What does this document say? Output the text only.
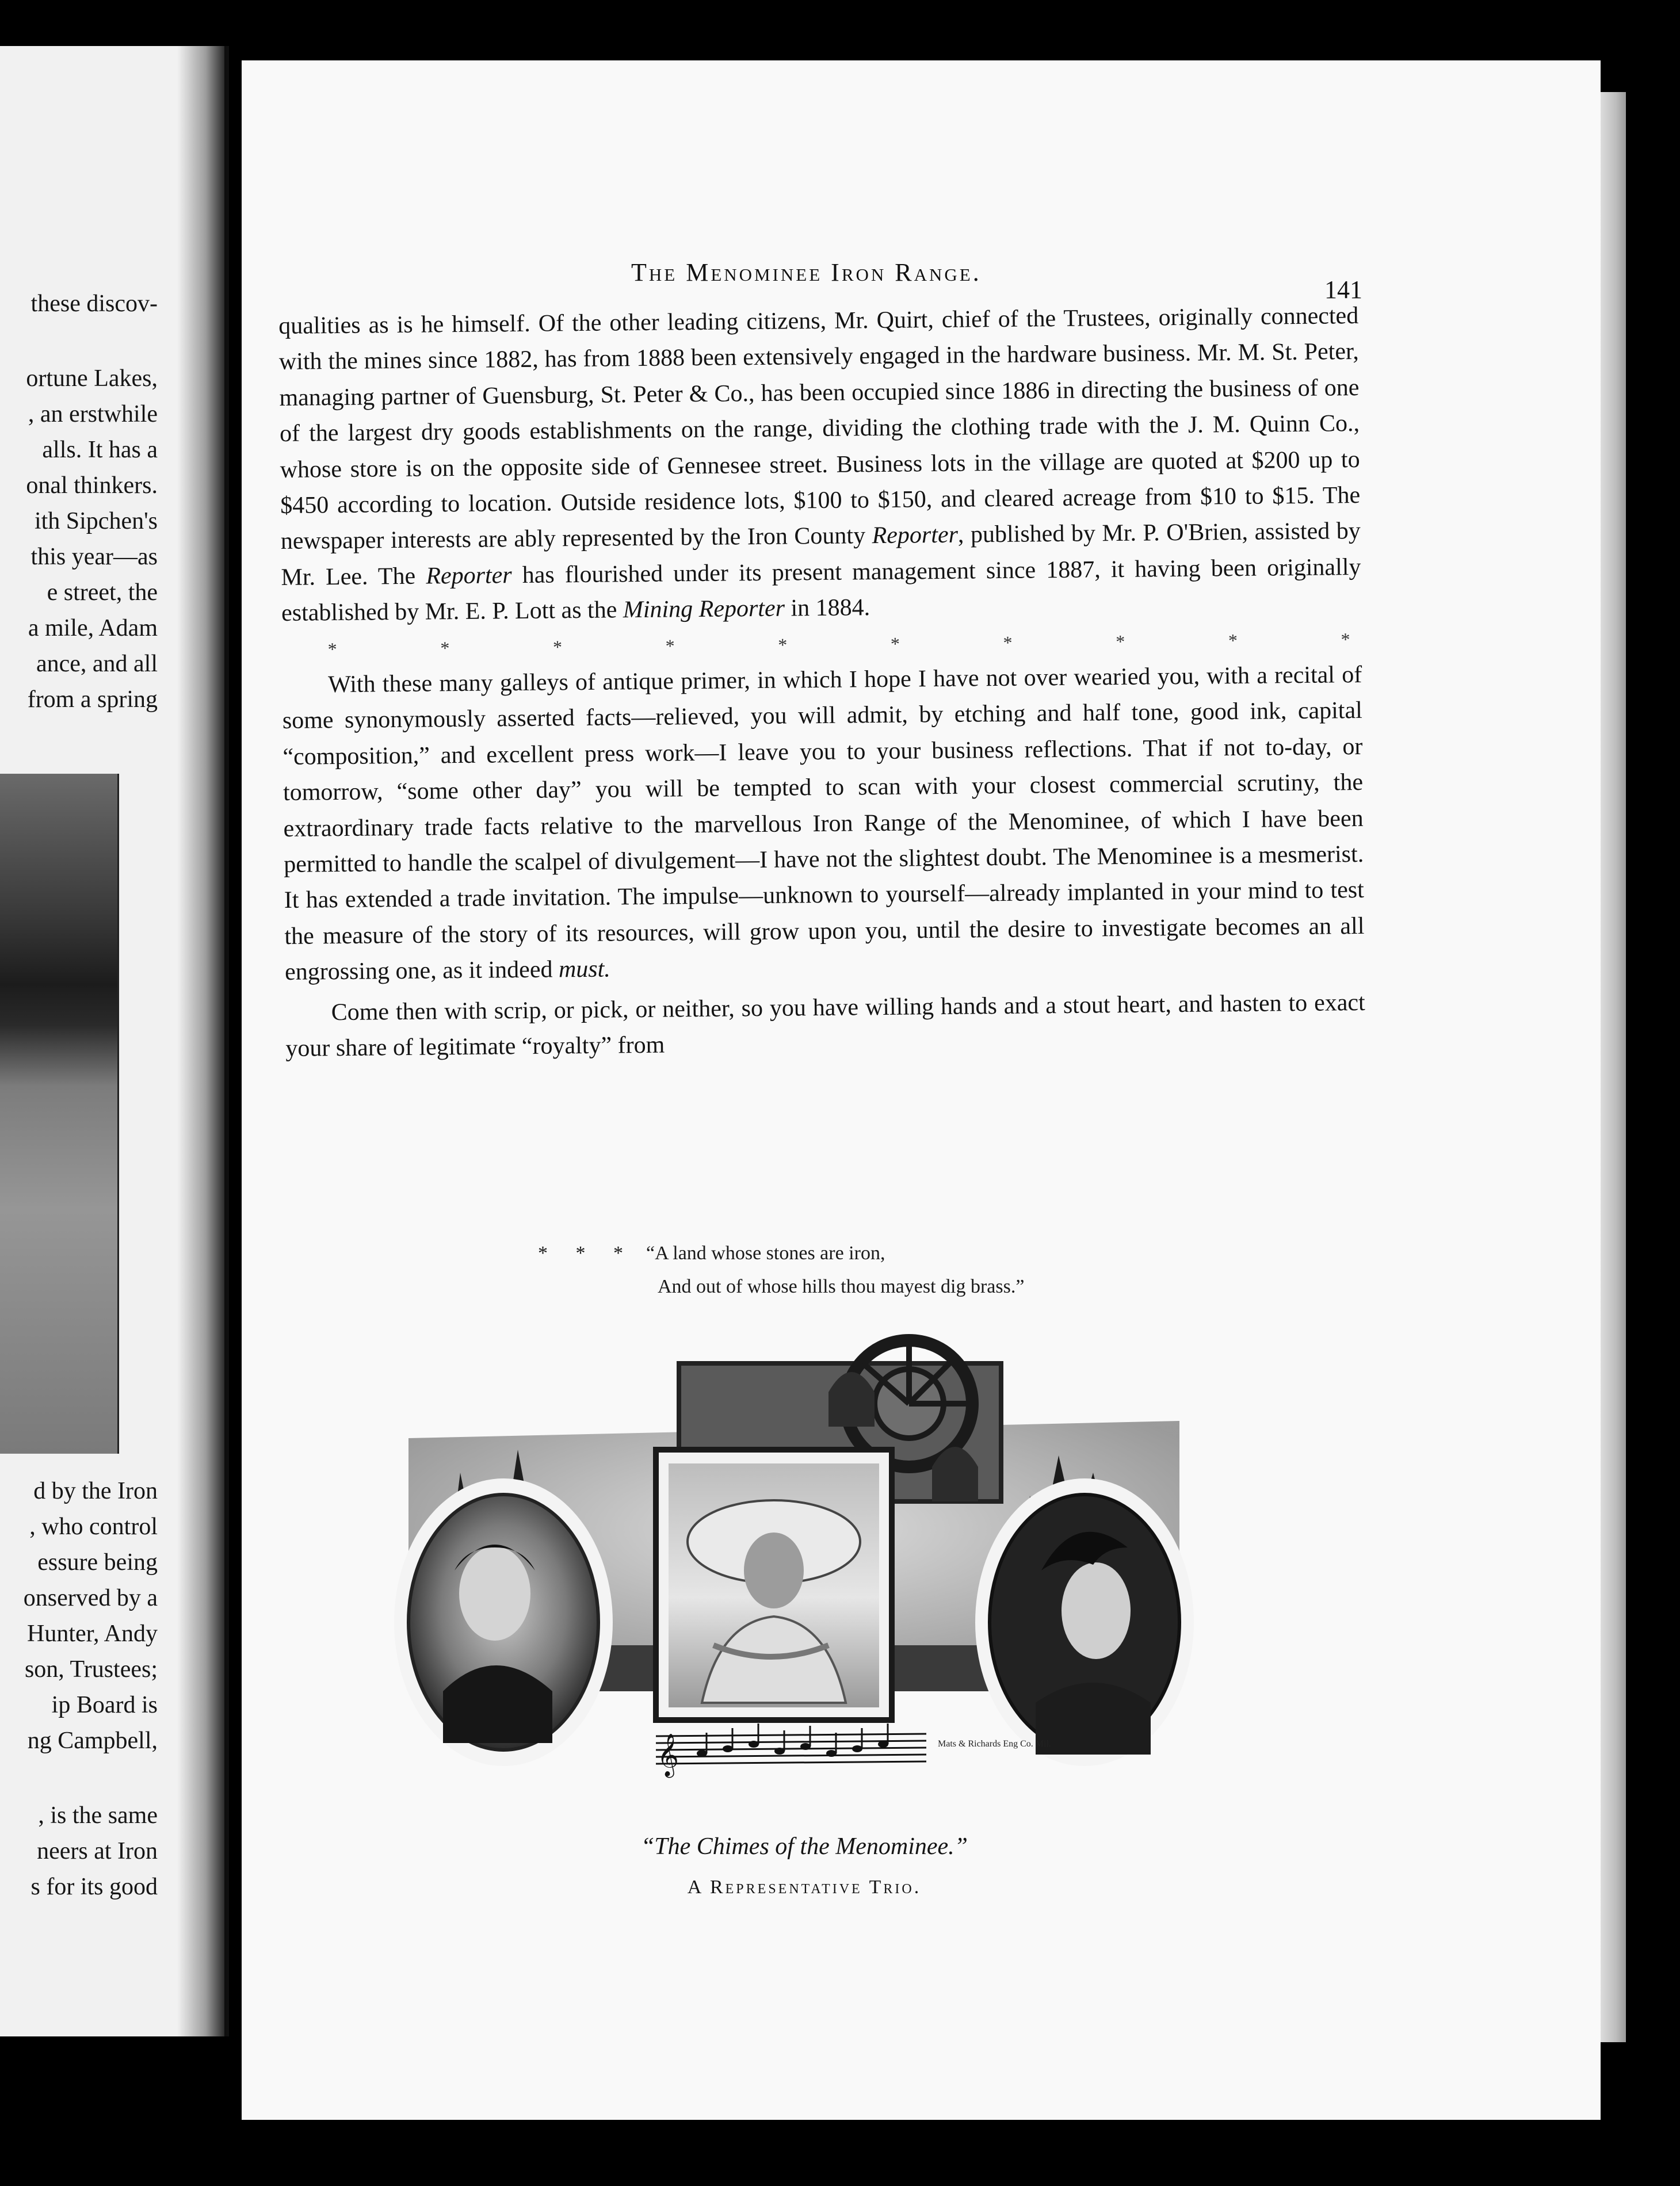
these discov-
ortune Lakes,
, an erstwhile
alls. It has a
onal thinkers.
ith Sipchen's
this year—as
e street, the
a mile, Adam
ance, and all
from a spring
d by the Iron
, who control
essure being
onserved by a
Hunter, Andy
son, Trustees;
ip Board is
ng Campbell,
, is the same
neers at Iron
s for its good
The Menominee Iron Range.
141

qualities as is he himself. Of the other leading citizens, Mr. Quirt, chief of the Trustees, originally connected with the mines since 1882, has from 1888 been extensively engaged in the hardware business. Mr. M. St. Peter, managing partner of Guensburg, St. Peter & Co., has been occupied since 1886 in directing the business of one of the largest dry goods establishments on the range, dividing the clothing trade with the J. M. Quinn Co., whose store is on the opposite side of Gennesee street. Business lots in the village are quoted at $200 up to $450 according to location. Outside residence lots, $100 to $150, and cleared acreage from $10 to $15. The newspaper interests are ably represented by the Iron County Reporter, published by Mr. P. O'Brien, assisted by Mr. Lee. The Reporter has flourished under its present management since 1887, it having been originally established by Mr. E. P. Lott as the Mining Reporter in 1884.

*	*	*	*	*	*	*	*	*	*

With these many galleys of antique primer, in which I hope I have not over wearied you, with a recital of some synonymously asserted facts—relieved, you will admit, by etching and half tone, good ink, capital “composition,” and excellent press work—I leave you to your business reflections. That if not to-day, or tomorrow, “some other day” you will be tempted to scan with your closest commercial scrutiny, the extraordinary trade facts relative to the marvellous Iron Range of the Menominee, of which I have been permitted to handle the scalpel of divulgement—I have not the slightest doubt. The Menominee is a mesmerist. It has extended a trade invitation. The impulse—unknown to yourself—already implanted in your mind to test the measure of the story of its resources, will grow upon you, until the desire to investigate becomes an all engrossing one, as it indeed must.

Come then with scrip, or pick, or neither, so you have willing hands and a stout heart, and hasten to exact your share of legitimate “royalty” from

* * * “A land whose stones are iron,
And out of whose hills thou mayest dig brass.”
𝄞	Mats & Richards Eng Co. Mil.
“The Chimes of the Menominee.”
A Representative Trio.
